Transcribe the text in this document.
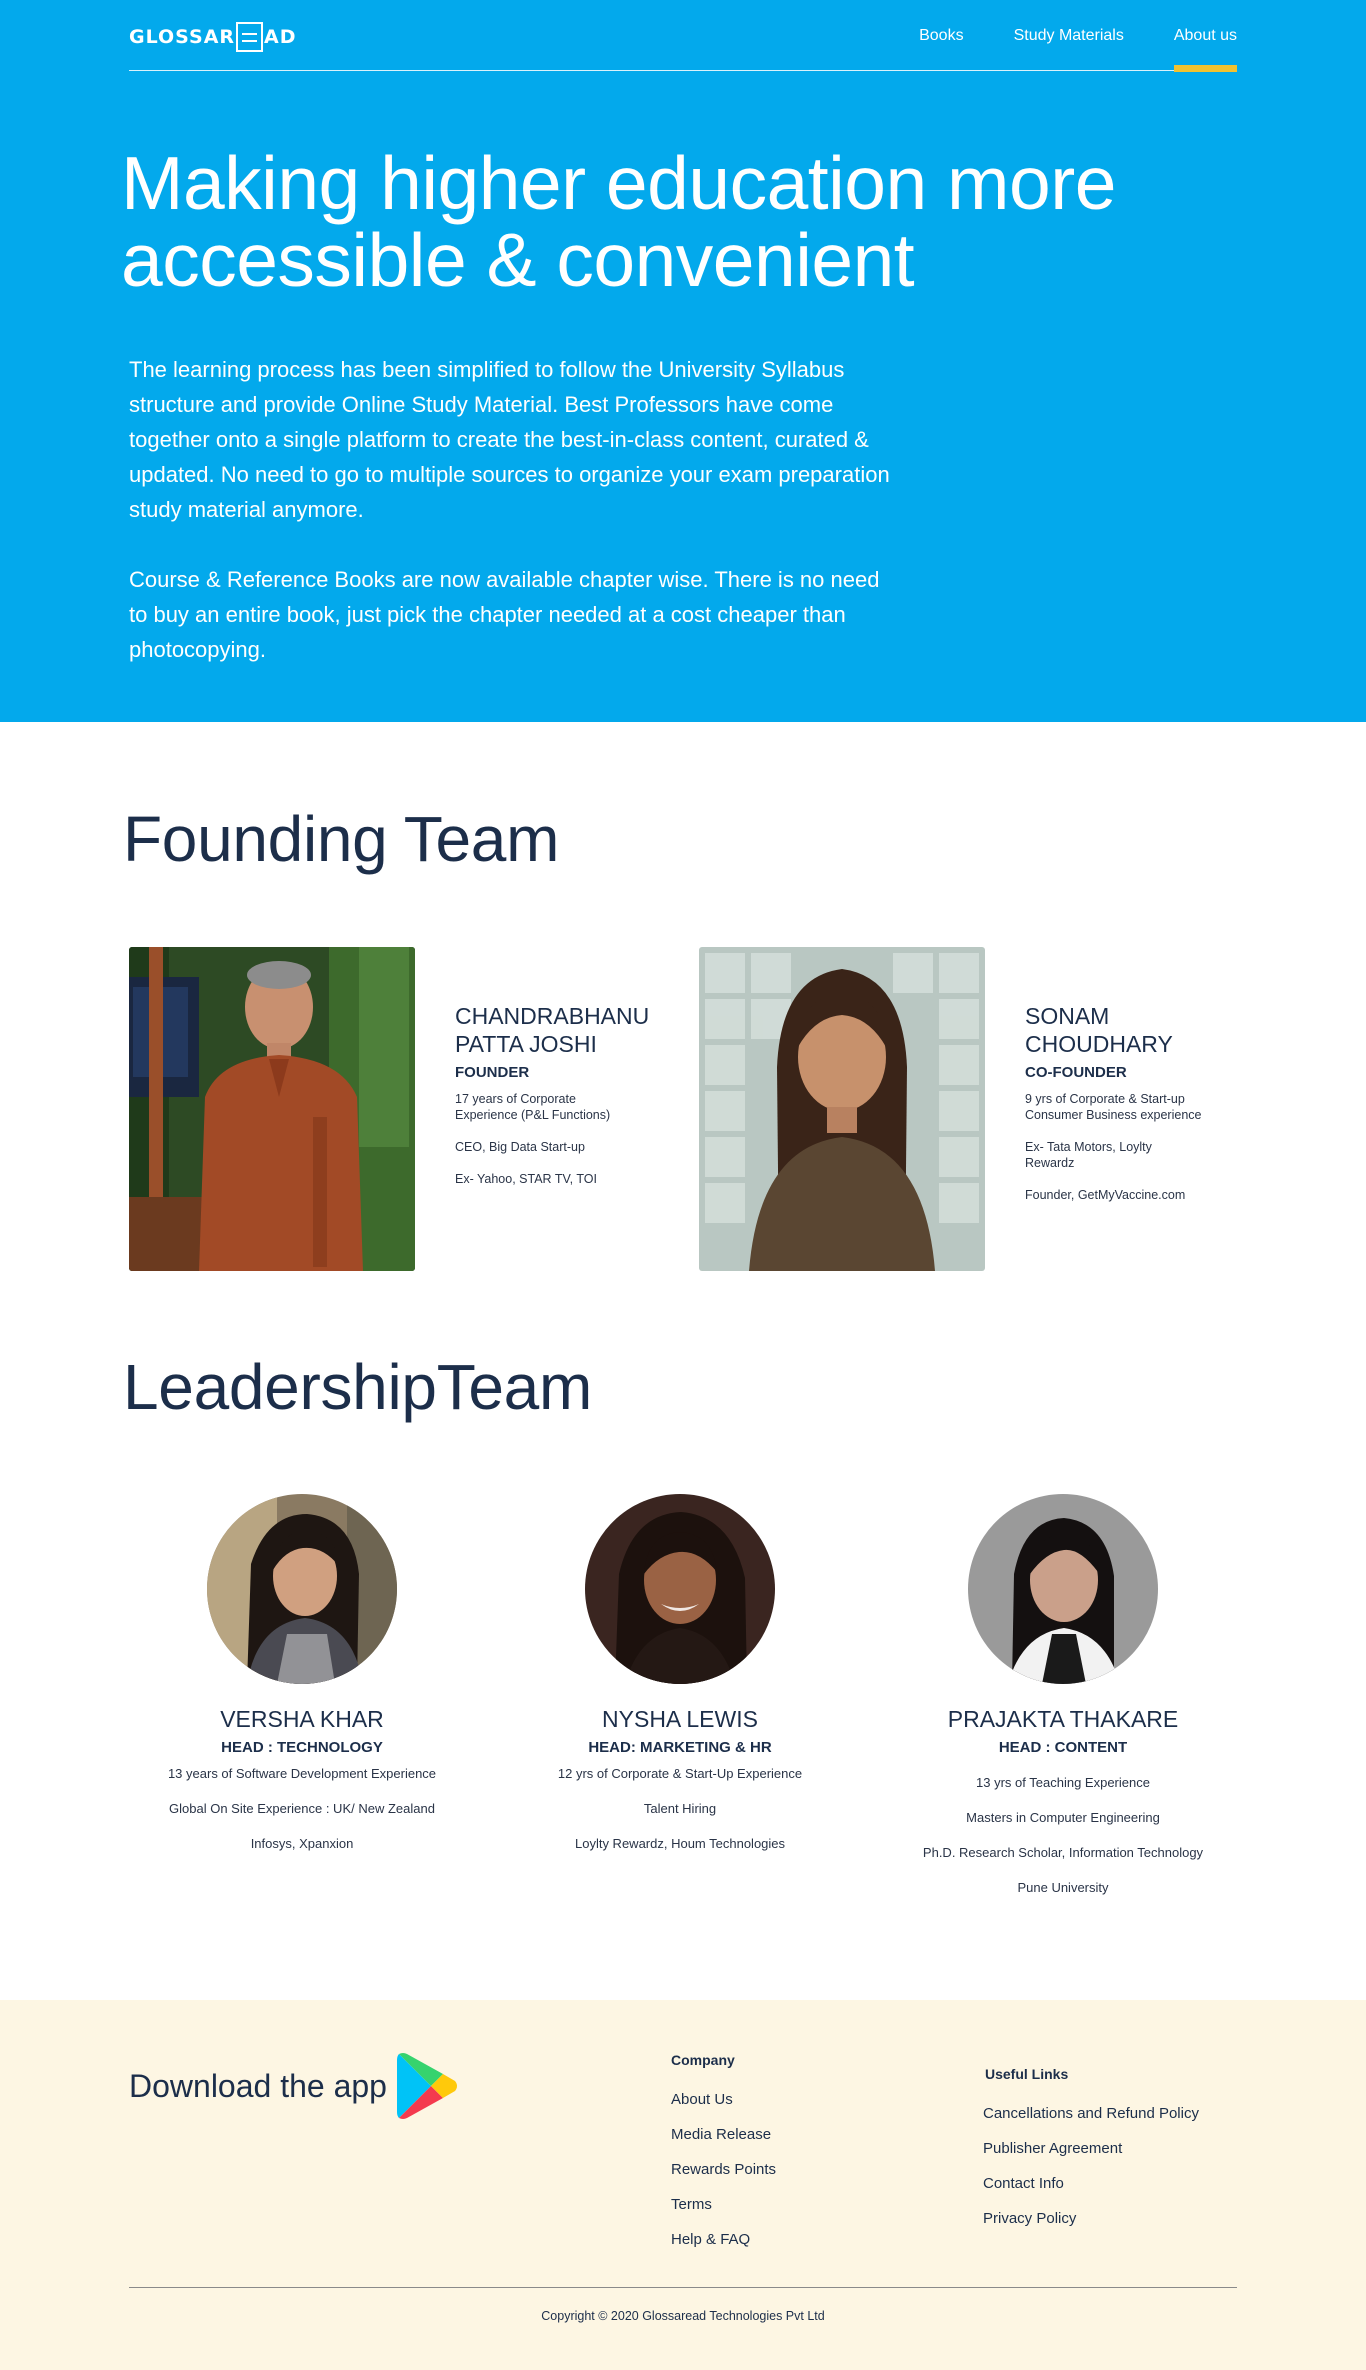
GLOSSAR AD	Books	Study Materials	About us
Making higher education more
accessible & convenient

The learning process has been simplified to follow the University Syllabus structure and provide Online Study Material. Best Professors have come together onto a single platform to create the best-in-class content, curated & updated. No need to go to multiple sources to organize your exam preparation study material anymore.

Course & Reference Books are now available chapter wise. There is no need to buy an entire book, just pick the chapter needed at a cost cheaper than photocopying.

Founding Team
CHANDRABHANU
PATTA JOSHI
FOUNDER
17 years of Corporate Experience (P&L Functions)
CEO, Big Data Start-up
Ex- Yahoo, STAR TV, TOI
SONAM
CHOUDHARY
CO-FOUNDER
9 yrs of Corporate & Start-up Consumer Business experience
Ex- Tata Motors, Loylty Rewardz
Founder, GetMyVaccine.com
LeadershipTeam
VERSHA KHAR
HEAD : TECHNOLOGY
13 years of Software Development Experience
Global On Site Experience : UK/ New Zealand
Infosys, Xpanxion
NYSHA LEWIS
HEAD: MARKETING & HR
12 yrs of Corporate & Start-Up Experience
Talent Hiring
Loylty Rewardz, Houm Technologies
PRAJAKTA THAKARE
HEAD : CONTENT
13 yrs of Teaching Experience
Masters in Computer Engineering
Ph.D. Research Scholar, Information Technology
Pune University
Download the app
Company
About Us
Media Release
Rewards Points
Terms
Help & FAQ
Useful Links
Cancellations and Refund Policy
Publisher Agreement
Contact Info
Privacy Policy
Copyright © 2020 Glossaread Technologies Pvt Ltd
